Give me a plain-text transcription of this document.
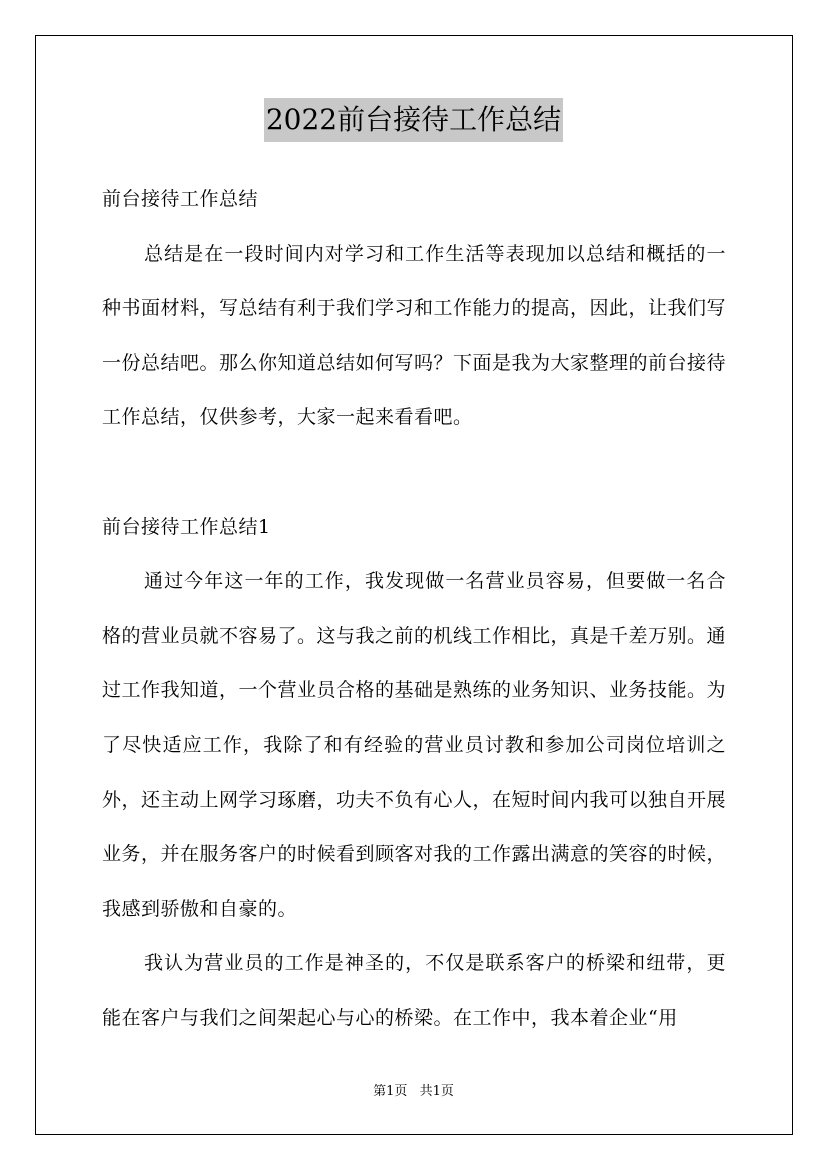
2022前台接待工作总结

前台接待工作总结

总结是在一段时间内对学习和工作生活等表现加以总结和概括的一种书面材料，写总结有利于我们学习和工作能力的提高，因此，让我们写一份总结吧。那么你知道总结如何写吗？下面是我为大家整理的前台接待工作总结，仅供参考，大家一起来看看吧。

前台接待工作总结1

通过今年这一年的工作，我发现做一名营业员容易，但要做一名合格的营业员就不容易了。这与我之前的机线工作相比，真是千差万别。通过工作我知道，一个营业员合格的基础是熟练的业务知识、业务技能。为了尽快适应工作，我除了和有经验的营业员讨教和参加公司岗位培训之外，还主动上网学习琢磨，功夫不负有心人，在短时间内我可以独自开展业务，并在服务客户的时候看到顾客对我的工作露出满意的笑容的时候，我感到骄傲和自豪的。

我认为营业员的工作是神圣的，不仅是联系客户的桥梁和纽带，更能在客户与我们之间架起心与心的桥梁。在工作中，我本着企业“用

第1页 共1页
